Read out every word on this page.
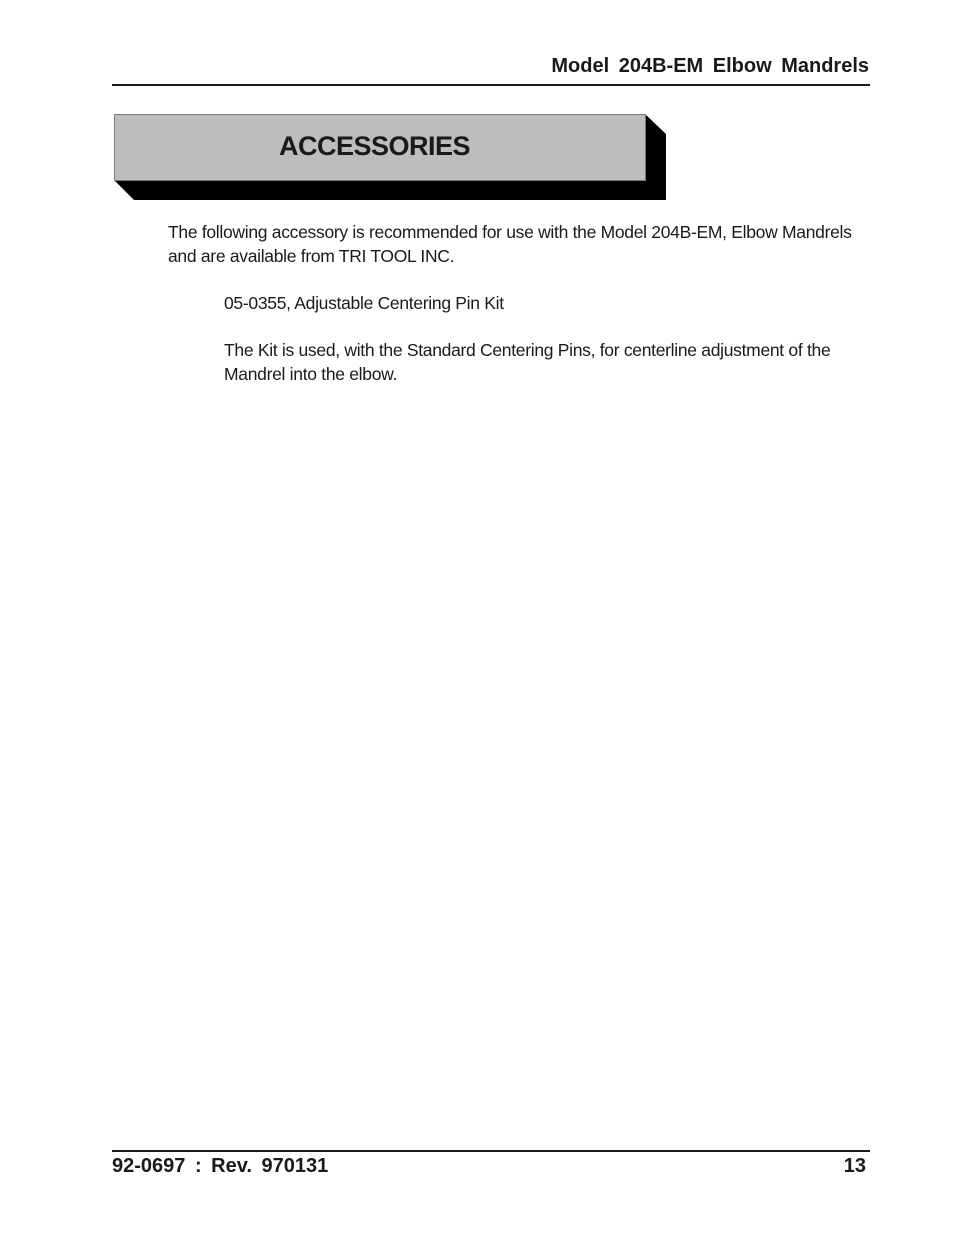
Model 204B-EM Elbow Mandrels
ACCESSORIES
The following accessory is recommended for use with the Model 204B-EM, Elbow Mandrels and are available from TRI TOOL INC.
05-0355, Adjustable Centering Pin Kit
The Kit is used, with the Standard Centering Pins, for centerline adjustment of the Mandrel into the elbow.
92-0697 : Rev. 970131	13
